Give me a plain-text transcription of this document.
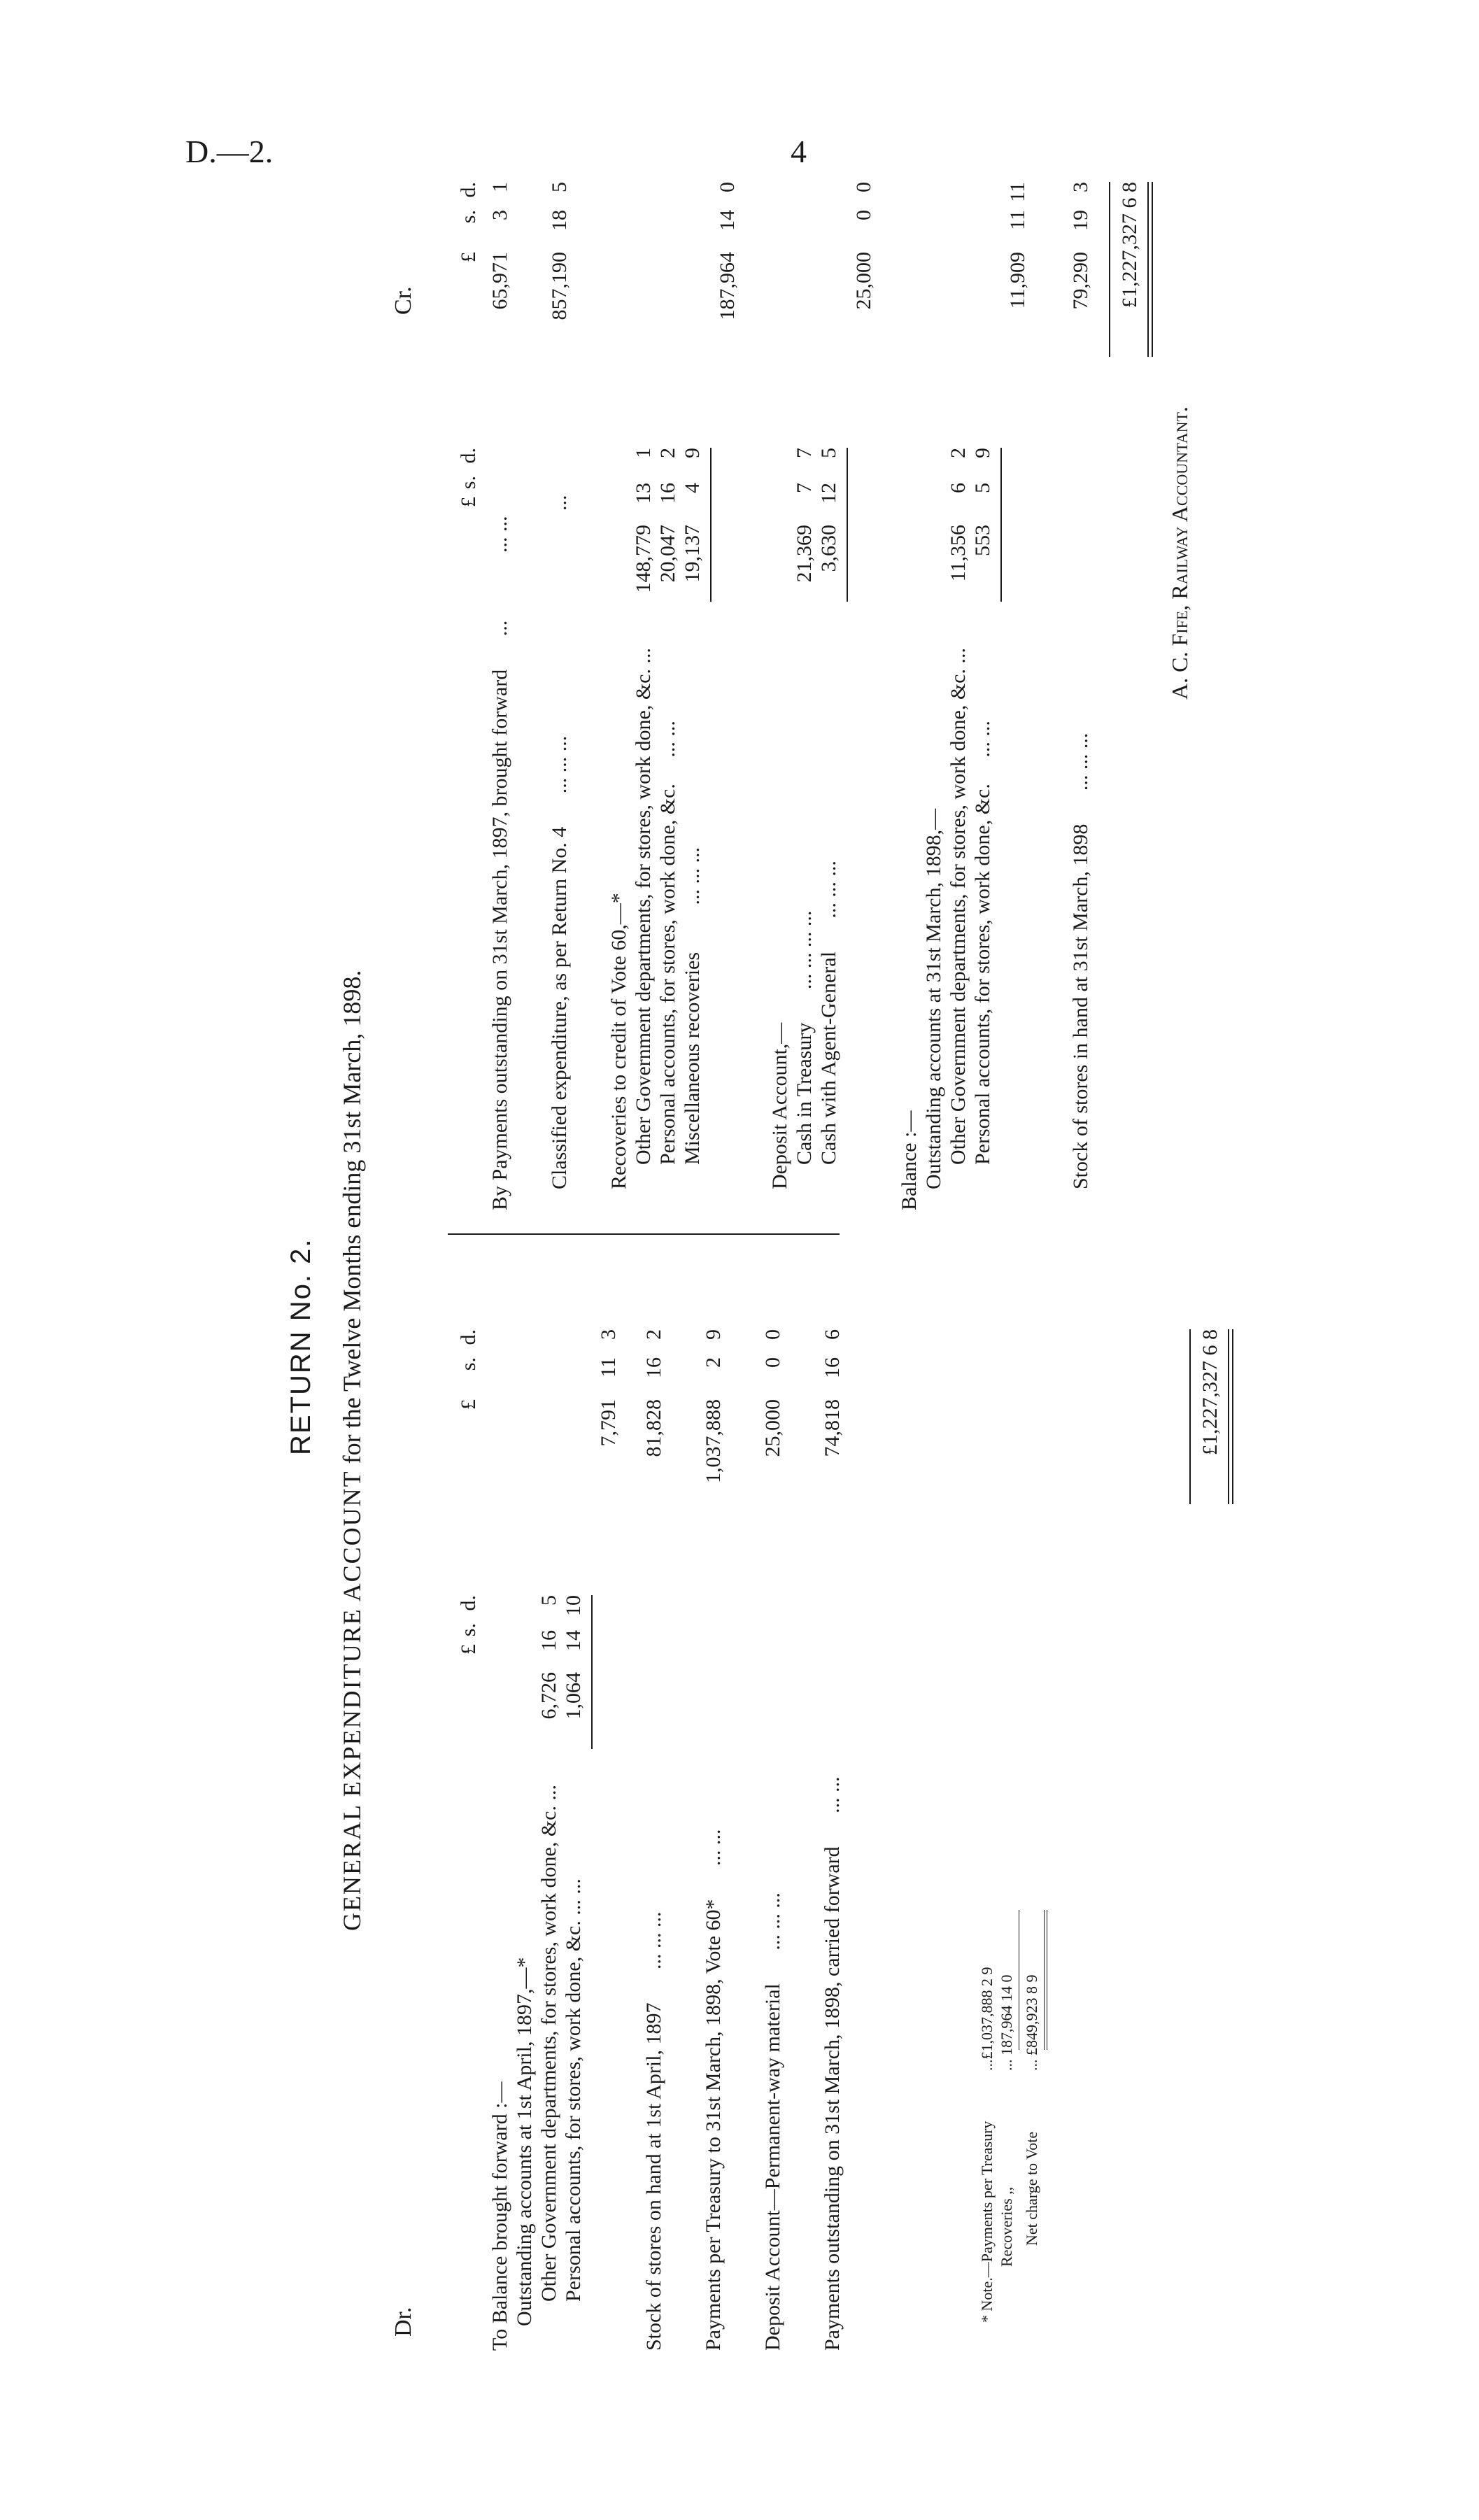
D.—2.	4
RETURN No. 2.
GENERAL EXPENDITURE ACCOUNT for the Twelve Months ending 31st March, 1898.
Dr.
Cr.
£
s.
d.
£
s.
d.
To Balance brought forward :— Outstanding accounts at 1st April, 1897,—* Other Government departments, for stores, work done, &c. ...
6,726
16
5
Personal accounts, for stores, work done, &c. ... ...
1,064
14
10
7,791
11
3
Stock of stores on hand at 1st April, 1897 ... ... ...
81,828
16
2
Payments per Treasury to 31st March, 1898, Vote 60* ... ...
1,037,888
2
9
Deposit Account—Permanent-way material ... ... ...
25,000
0
0
Payments outstanding on 31st March, 1898, carried forward ... ...
74,818
16
6
* Note.—Payments per Treasury
...£1,037,888 2 9
Recoveries ,,
... 187,964 14 0
Net charge to Vote
... £849,923 8 9
£1,227,327 6 8
£
s.
d.
£
s.
d.
By Payments outstanding on 31st March, 1897, brought forward ...
... ...
65,971
3
1
Classified expenditure, as per Return No. 4 ... ... ...
...
857,190
18
5
Recoveries to credit of Vote 60,—* Other Government departments, for stores, work done, &c. ...
148,779
13
1
Personal accounts, for stores, work done, &c. ... ...
20,047
16
2
Miscellaneous recoveries ... ... ...
19,137
4
9
187,964
14
0
Deposit Account,— Cash in Treasury ... ... ... ...
21,369
7
7
Cash with Agent-General ... ... ...
3,630
12
5
25,000
0
0
Balance :— Outstanding accounts at 31st March, 1898,— Other Government departments, for stores, work done, &c. ...
11,356
6
2
Personal accounts, for stores, work done, &c. ... ...
553
5
9
11,909
11
11
Stock of stores in hand at 31st March, 1898 ... ... ...
79,290
19
3 £1,227,327 6 8
A. C. Fife, Railway Accountant.
